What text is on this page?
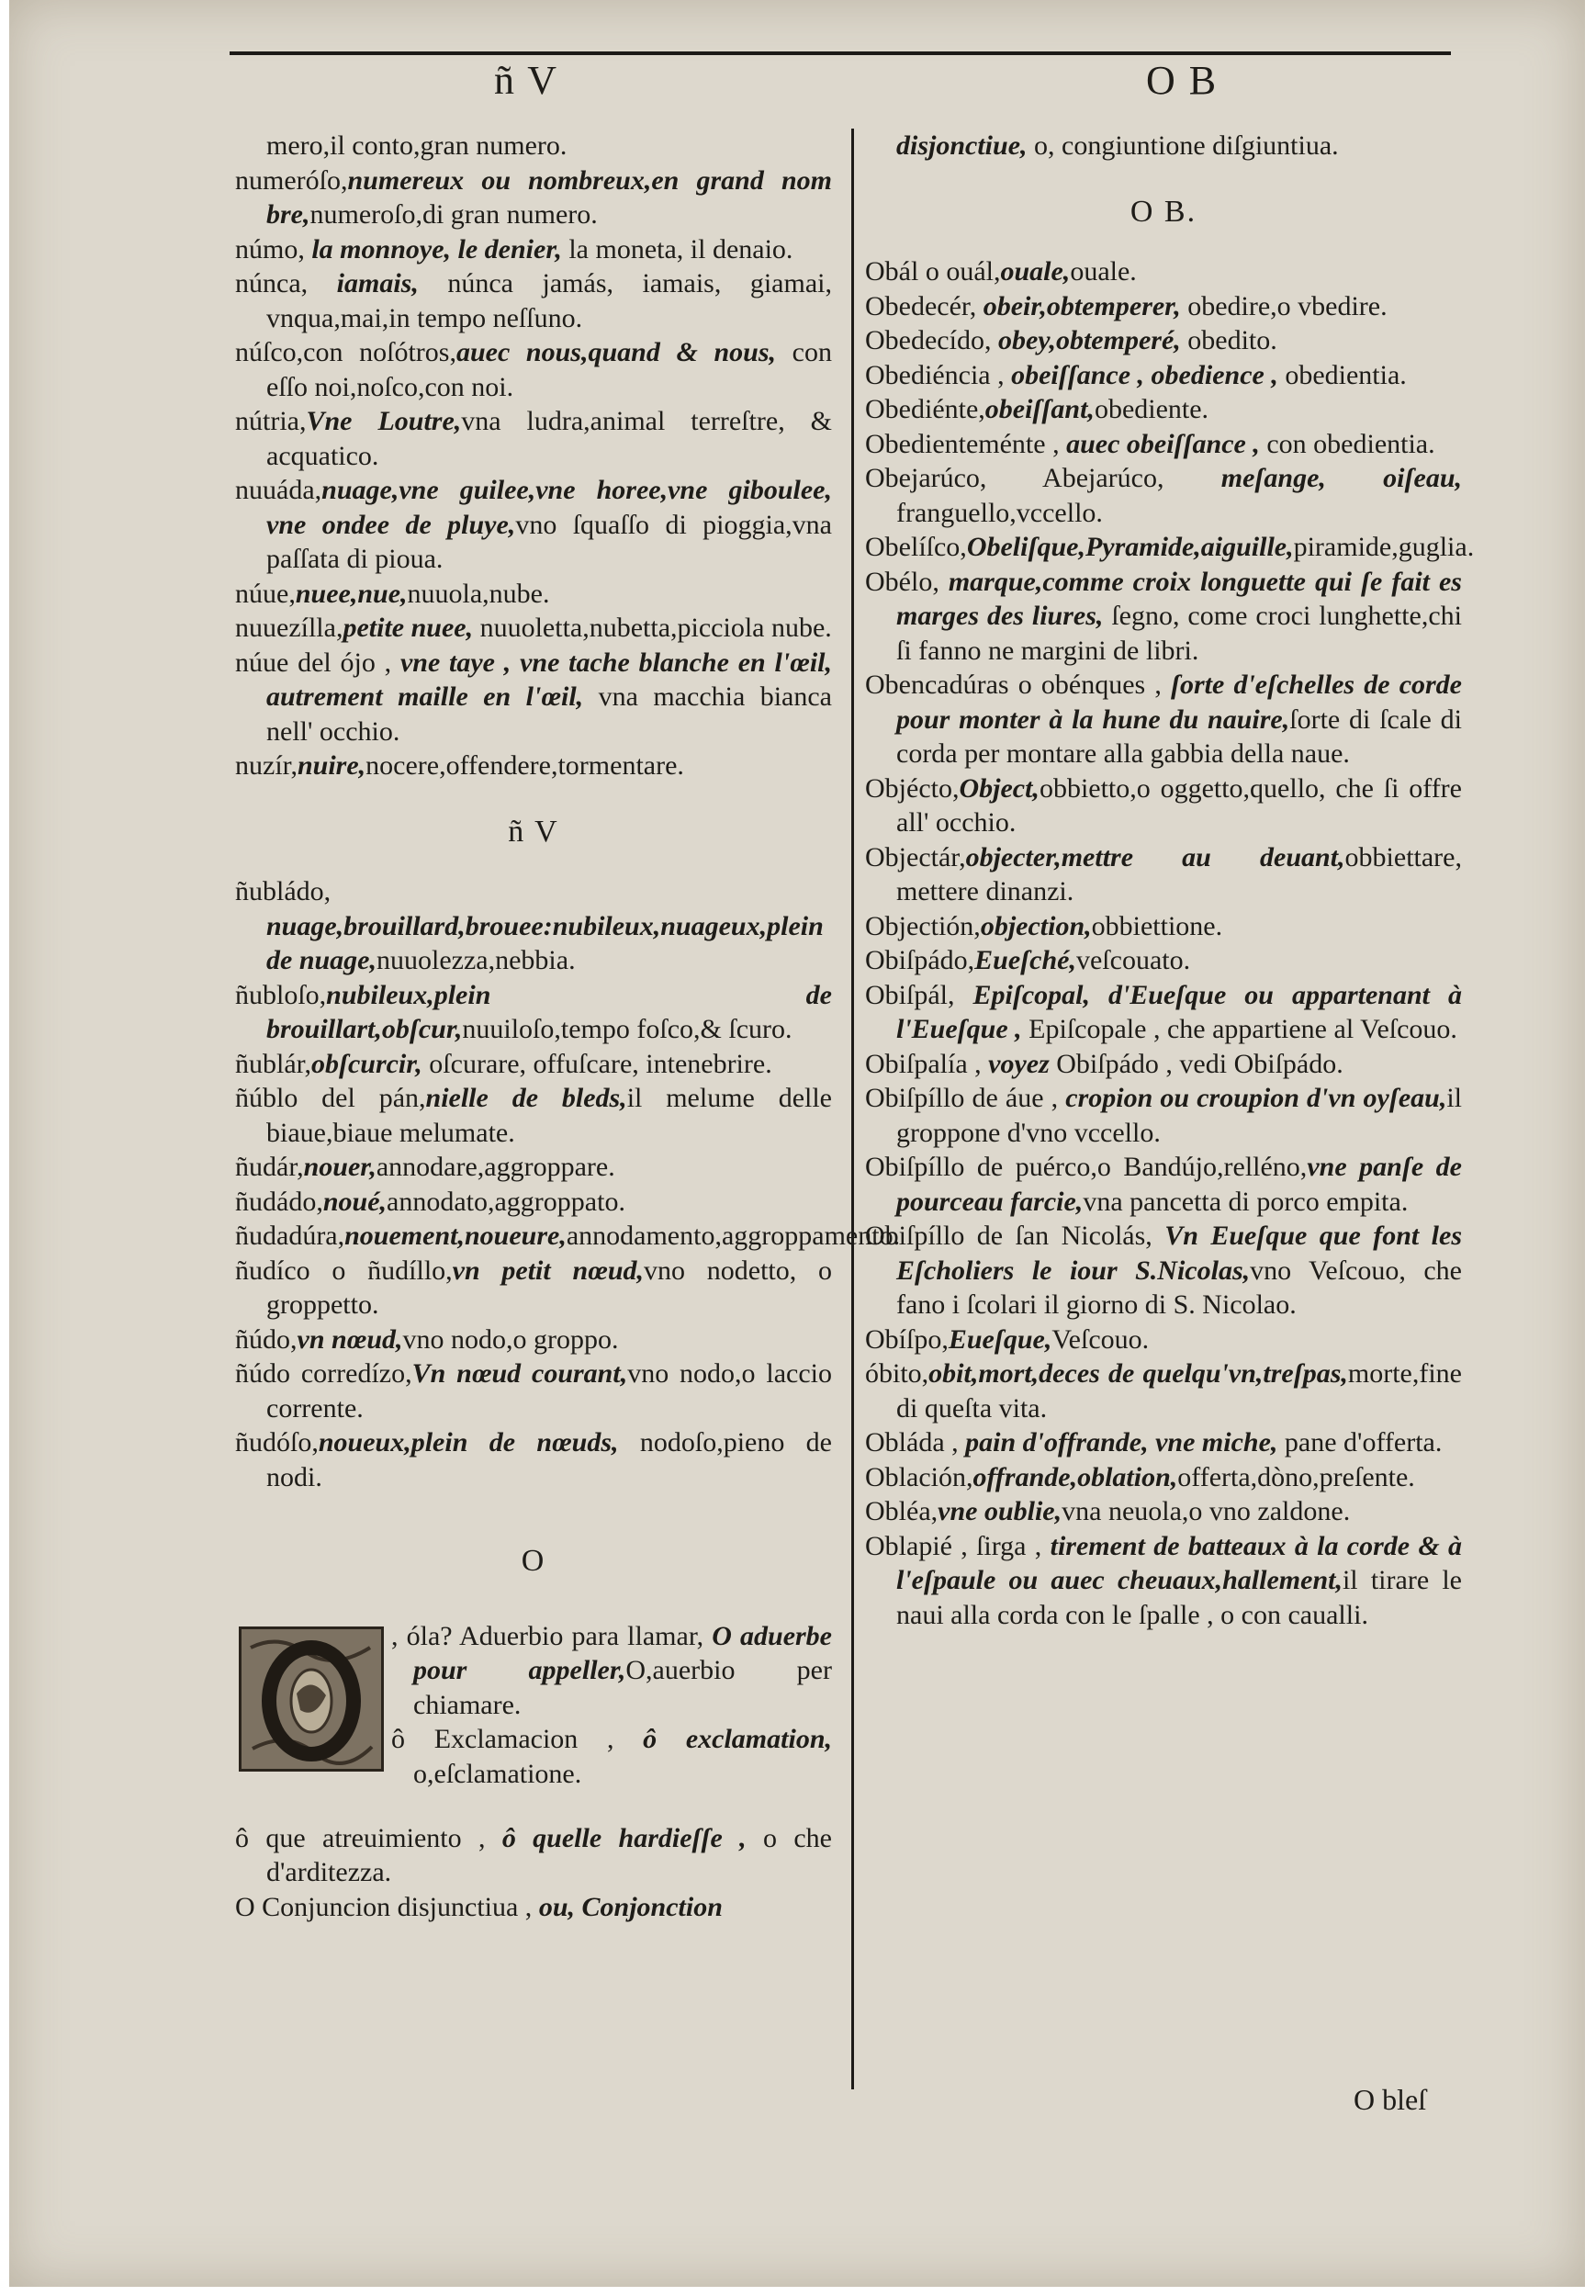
ñ V	O B

mero,il conto,gran numero.

numeróſo,numereux ou nombreux,en grand nom bre,numeroſo,di gran numero.

númo, la monnoye, le denier, la moneta, il denaio.

núnca, iamais, núnca jamás, iamais, giamai, vnqua,mai,in tempo neſſuno.

núſco,con noſótros,auec nous,quand & nous, con eſſo noi,noſco,con noi.

nútria,Vne Loutre,vna ludra,animal terreſtre, & acquatico.

nuuáda,nuage,vne guilee,vne horee,vne giboulee, vne ondee de pluye,vno ſquaſſo di pioggia,vna paſſata di pioua.

núue,nuee,nue,nuuola,nube.

nuuezílla,petite nuee, nuuoletta,nubetta,picciola nube.

núue del ójo , vne taye , vne tache blanche en l'œil, autrement maille en l'œil, vna macchia bianca nell' occhio.

nuzír,nuire,nocere,offendere,tormentare.

ñ V

ñubládo, nuage,brouillard,brouee:nubileux,nuageux,plein de nuage,nuuolezza,nebbia.

ñubloſo,nubileux,plein de brouillart,obſcur,nuuiloſo,tempo foſco,& ſcuro.

ñublár,obſcurcir, oſcurare, offuſcare, intenebrire.

ñúblo del pán,nielle de bleds,il melume delle biaue,biaue melumate.

ñudár,nouer,annodare,aggroppare.

ñudádo,noué,annodato,aggroppato.

ñudadúra,nouement,noueure,annodamento,aggroppamento.

ñudíco o ñudíllo,vn petit nœud,vno nodetto, o groppetto.

ñúdo,vn nœud,vno nodo,o groppo.

ñúdo corredízo,Vn nœud courant,vno nodo,o laccio corrente.

ñudóſo,noueux,plein de nœuds, nodoſo,pieno de nodi.

O

, óla? Aduerbio para llamar, O aduerbe pour appeller,O,auerbio per chiamare.

ô Exclamacion , ô exclamation, o,eſclamatione.

ô que atreuimiento , ô quelle hardieſſe , o che d'arditezza.

O Conjuncion disjunctiua , ou, Conjonction

disjonctiue, o, congiuntione diſgiuntiua.

O B.

Obál o ouál,ouale,ouale.

Obedecér, obeir,obtemperer, obedire,o vbedire.

Obedecído, obey,obtemperé, obedito.

Obediéncia , obeiſſance , obedience , obedientia.

Obediénte,obeiſſant,obediente.

Obedienteménte , auec obeiſſance , con obedientia.

Obejarúco, Abejarúco, meſange, oiſeau, franguello,vccello.

Obelíſco,Obeliſque,Pyramide,aiguille,piramide,guglia.

Obélo, marque,comme croix longuette qui ſe fait es marges des liures, ſegno, come croci lunghette,chi ſi fanno ne margini de libri.

Obencadúras o obénques , ſorte d'eſchelles de corde pour monter à la hune du nauire,ſorte di ſcale di corda per montare alla gabbia della naue.

Objécto,Object,obbietto,o oggetto,quello, che ſi offre all' occhio.

Objectár,objecter,mettre au deuant,obbiettare, mettere dinanzi.

Objectión,objection,obbiettione.

Obiſpádo,Eueſché,veſcouato.

Obiſpál, Epiſcopal, d'Eueſque ou appartenant à l'Eueſque , Epiſcopale , che appartiene al Veſcouo.

Obiſpalía , voyez Obiſpádo , vedi Obiſpádo.

Obiſpíllo de áue , cropion ou croupion d'vn oyſeau,il groppone d'vno vccello.

Obiſpíllo de puérco,o Bandújo,relléno,vne panſe de pourceau farcie,vna pancetta di porco empita.

Obiſpíllo de ſan Nicolás, Vn Eueſque que font les Eſcholiers le iour S.Nicolas,vno Veſcouo, che fano i ſcolari il giorno di S. Nicolao.

Obíſpo,Eueſque,Veſcouo.

óbito,obit,mort,deces de quelqu'vn,treſpas,morte,fine di queſta vita.

Obláda , pain d'offrande, vne miche, pane d'offerta.

Oblación,offrande,oblation,offerta,dòno,preſente.

Obléa,vne oublie,vna neuola,o vno zaldone.

Oblapié , ſirga , tirement de batteaux à la corde & à l'eſpaule ou auec cheuaux,hallement,il tirare le naui alla corda con le ſpalle , o con caualli.

O bleſ
